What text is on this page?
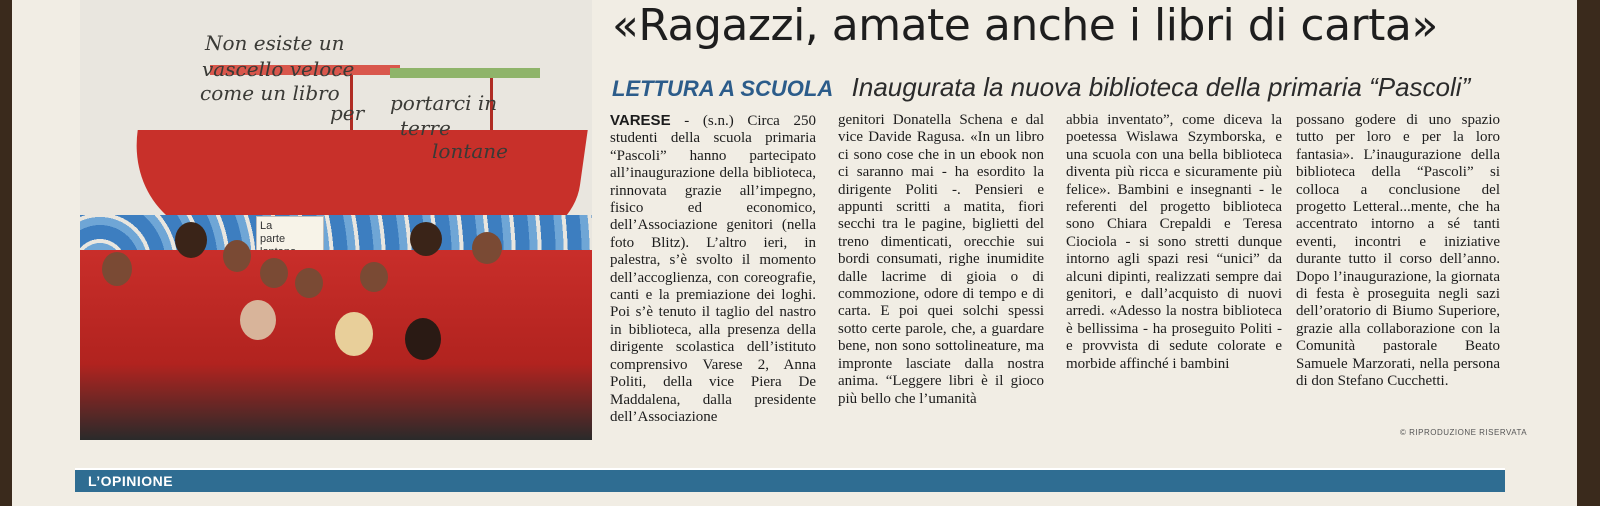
Non esiste un
vascello veloce
come un libro
per portarci in
terre
lontane
La
parte
«Ragazzi, amate anche i libri di carta»
LETTURA A SCUOLA Inaugurata la nuova biblioteca della primaria “Pascoli”

VARESE - (s.n.) Circa 250 studenti della scuola primaria “Pascoli” hanno partecipato all’inaugurazione della biblioteca, rinnovata grazie all’impegno, fisico ed economico, dell’Associazione genitori (nella foto Blitz). L’altro ieri, in palestra, s’è svolto il momento dell’accoglienza, con coreografie, canti e la premiazione dei loghi. Poi s’è tenuto il taglio del nastro in biblioteca, alla presenza della dirigente scolastica dell’istituto comprensivo Varese 2, Anna Politi, della vice Piera De Maddalena, dalla presidente dell’Associazione

genitori Donatella Schena e dal vice Davide Ragusa. «In un libro ci sono cose che in un ebook non ci saranno mai - ha esordito la dirigente Politi -. Pensieri e appunti scritti a matita, fiori secchi tra le pagine, biglietti del treno dimenticati, orecchie sui bordi consumati, righe inumidite dalle lacrime di gioia o di commozione, odore di tempo e di carta. E poi quei solchi spessi sotto certe parole, che, a guardare bene, non sono sottolineature, ma impronte lasciate dalla nostra anima. “Leggere libri è il gioco più bello che l’umanità

abbia inventato”, come diceva la poetessa Wislawa Szymborska, e una scuola con una bella biblioteca diventa più ricca e sicuramente più felice». Bambini e insegnanti - le referenti del progetto biblioteca sono Chiara Crepaldi e Teresa Ciociola - si sono stretti dunque intorno agli spazi resi “unici” da alcuni dipinti, realizzati sempre dai genitori, e dall’acquisto di nuovi arredi. «Adesso la nostra biblioteca è bellissima - ha proseguito Politi - e provvista di sedute colorate e morbide affinché i bambini

possano godere di uno spazio tutto per loro e per la loro fantasia». L’inaugurazione della biblioteca della “Pascoli” si colloca a conclusione del progetto Letteral...mente, che ha accentrato intorno a sé tanti eventi, incontri e iniziative durante tutto il corso dell’anno. Dopo l’inaugurazione, la giornata di festa è proseguita negli sazi dell’oratorio di Biumo Superiore, grazie alla collaborazione con la Comunità pastorale Beato Samuele Marzorati, nella persona di don Stefano Cucchetti.

© RIPRODUZIONE RISERVATA
L’OPINIONE
